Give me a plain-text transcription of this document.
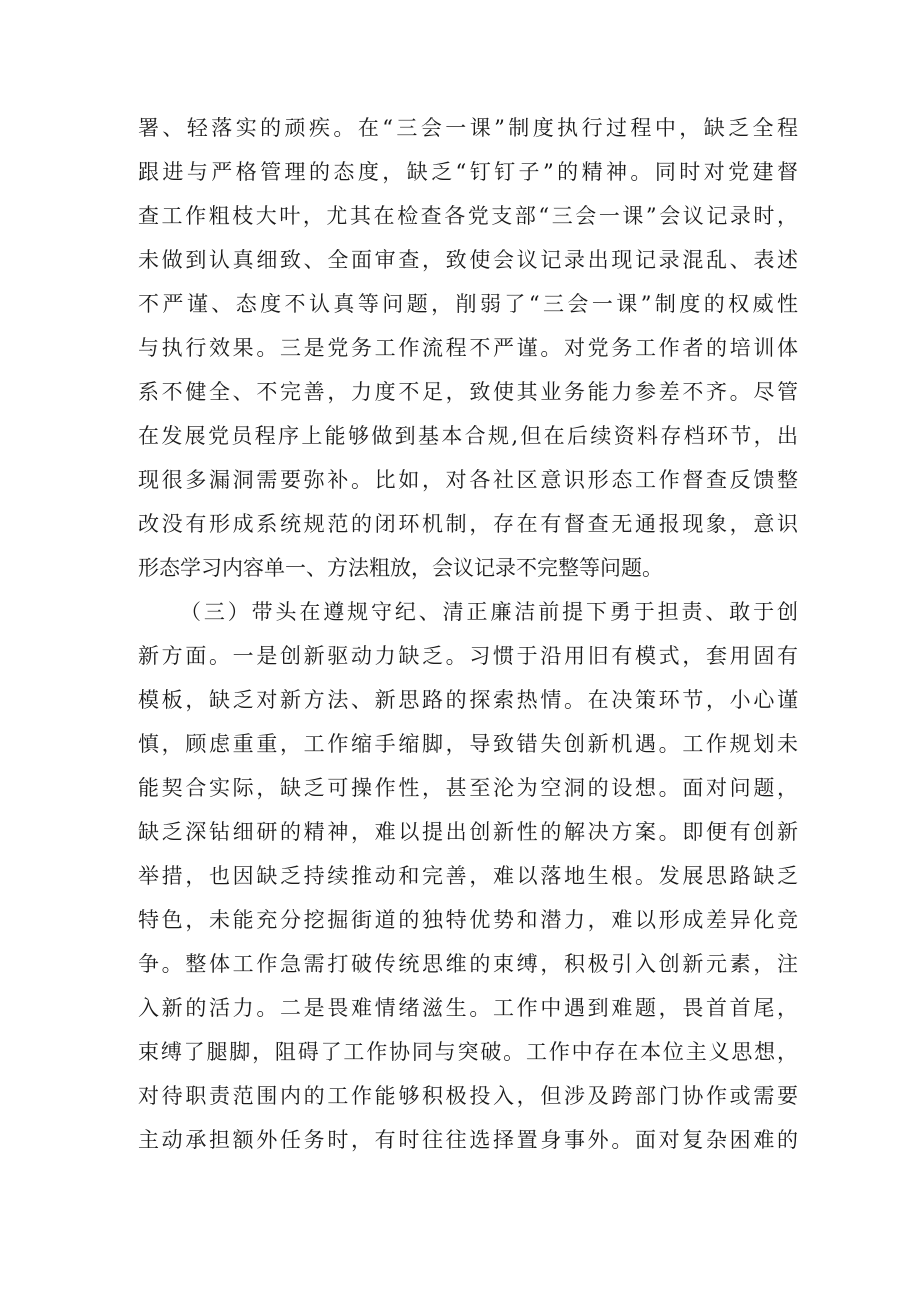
署、轻落实的顽疾。在“三会一课”制度执行过程中，缺乏全程
跟进与严格管理的态度，缺乏“钉钉子”的精神。同时对党建督
查工作粗枝大叶，尤其在检查各党支部“三会一课”会议记录时，
未做到认真细致、全面审查，致使会议记录出现记录混乱、表述
不严谨、态度不认真等问题，削弱了“三会一课”制度的权威性
与执行效果。三是党务工作流程不严谨。对党务工作者的培训体
系不健全、不完善，力度不足，致使其业务能力参差不齐。尽管
在发展党员程序上能够做到基本合规,但在后续资料存档环节，出
现很多漏洞需要弥补。比如，对各社区意识形态工作督查反馈整
改没有形成系统规范的闭环机制，存在有督查无通报现象，意识
形态学习内容单一、方法粗放，会议记录不完整等问题。
（三）带头在遵规守纪、清正廉洁前提下勇于担责、敢于创
新方面。一是创新驱动力缺乏。习惯于沿用旧有模式，套用固有
模板，缺乏对新方法、新思路的探索热情。在决策环节，小心谨
慎，顾虑重重，工作缩手缩脚，导致错失创新机遇。工作规划未
能契合实际，缺乏可操作性，甚至沦为空洞的设想。面对问题，
缺乏深钻细研的精神，难以提出创新性的解决方案。即便有创新
举措，也因缺乏持续推动和完善，难以落地生根。发展思路缺乏
特色，未能充分挖掘街道的独特优势和潜力，难以形成差异化竞
争。整体工作急需打破传统思维的束缚，积极引入创新元素，注
入新的活力。二是畏难情绪滋生。工作中遇到难题，畏首首尾，
束缚了腿脚，阻碍了工作协同与突破。工作中存在本位主义思想，
对待职责范围内的工作能够积极投入，但涉及跨部门协作或需要
主动承担额外任务时，有时往往选择置身事外。面对复杂困难的
